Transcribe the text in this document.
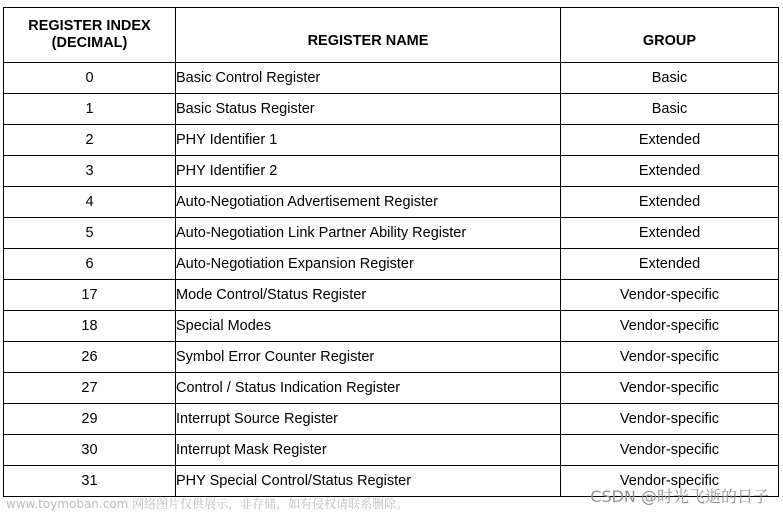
REGISTER INDEX
(DECIMAL)	REGISTER NAME	GROUP
0	Basic Control Register	Basic
1	Basic Status Register	Basic
2	PHY Identifier 1	Extended
3	PHY Identifier 2	Extended
4	Auto-Negotiation Advertisement Register	Extended
5	Auto-Negotiation Link Partner Ability Register	Extended
6	Auto-Negotiation Expansion Register	Extended
17	Mode Control/Status Register	Vendor-specific
18	Special Modes	Vendor-specific
26	Symbol Error Counter Register	Vendor-specific
27	Control / Status Indication Register	Vendor-specific
29	Interrupt Source Register	Vendor-specific
30	Interrupt Mask Register	Vendor-specific
31	PHY Special Control/Status Register	Vendor-specific
www.toymoban.com 网络图片仅供展示，非存储，如有侵权请联系删除。	CSDN @时光飞逝的日子
